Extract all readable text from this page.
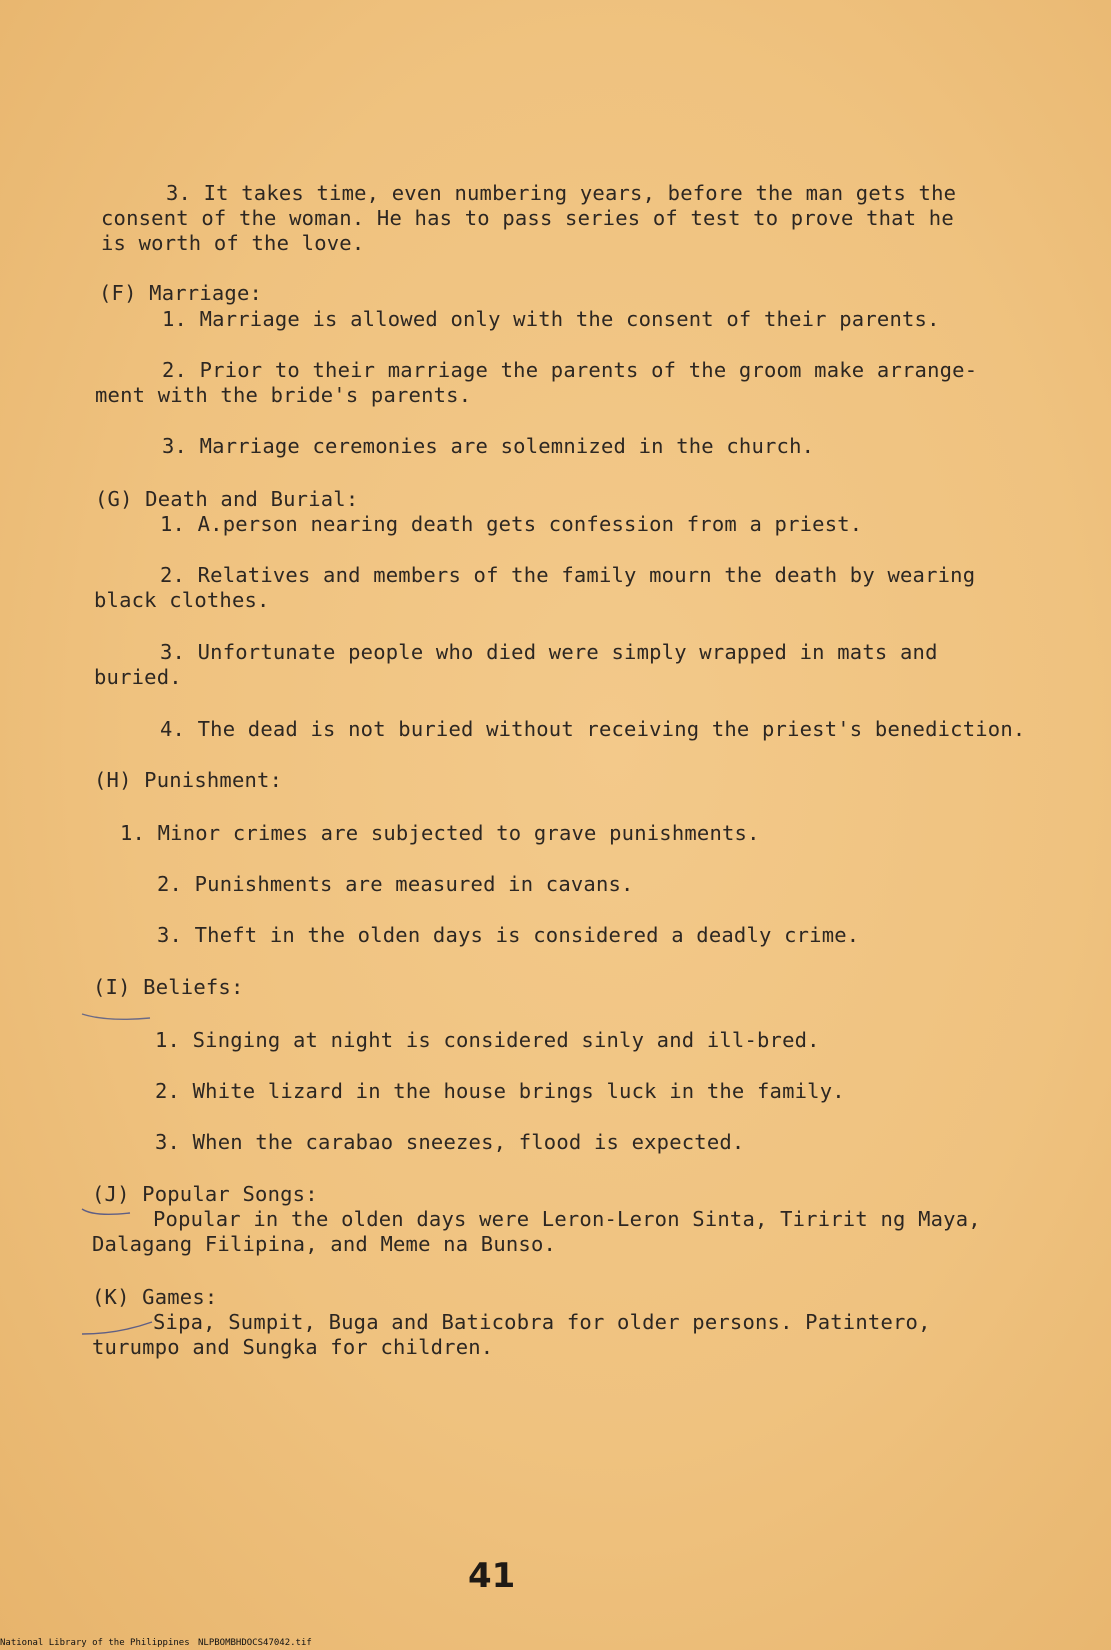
3. It takes time, even numbering years, before the man gets the
consent of the woman. He has to pass series of test to prove that he
is worth of the love.
(F) Marriage:
1. Marriage is allowed only with the consent of their parents.
2. Prior to their marriage the parents of the groom make arrange-
ment with the bride's parents.
3. Marriage ceremonies are solemnized in the church.
(G) Death and Burial:
1. A.person nearing death gets confession from a priest.
2. Relatives and members of the family mourn the death by wearing
black clothes.
3. Unfortunate people who died were simply wrapped in mats and
buried.
4. The dead is not buried without receiving the priest's benediction.
(H) Punishment:
1. Minor crimes are subjected to grave punishments.
2. Punishments are measured in cavans.
3. Theft in the olden days is considered a deadly crime.
(I) Beliefs:
1. Singing at night is considered sinly and ill-bred.
2. White lizard in the house brings luck in the family.
3. When the carabao sneezes, flood is expected.
(J) Popular Songs:
Popular in the olden days were Leron-Leron Sinta, Tiririt ng Maya,
Dalagang Filipina, and Meme na Bunso.
(K) Games:
Sipa, Sumpit, Buga and Baticobra for older persons. Patintero,
turumpo and Sungka for children.
41
National Library of the Philippines NLPBOMBHDOCS47042.tif
